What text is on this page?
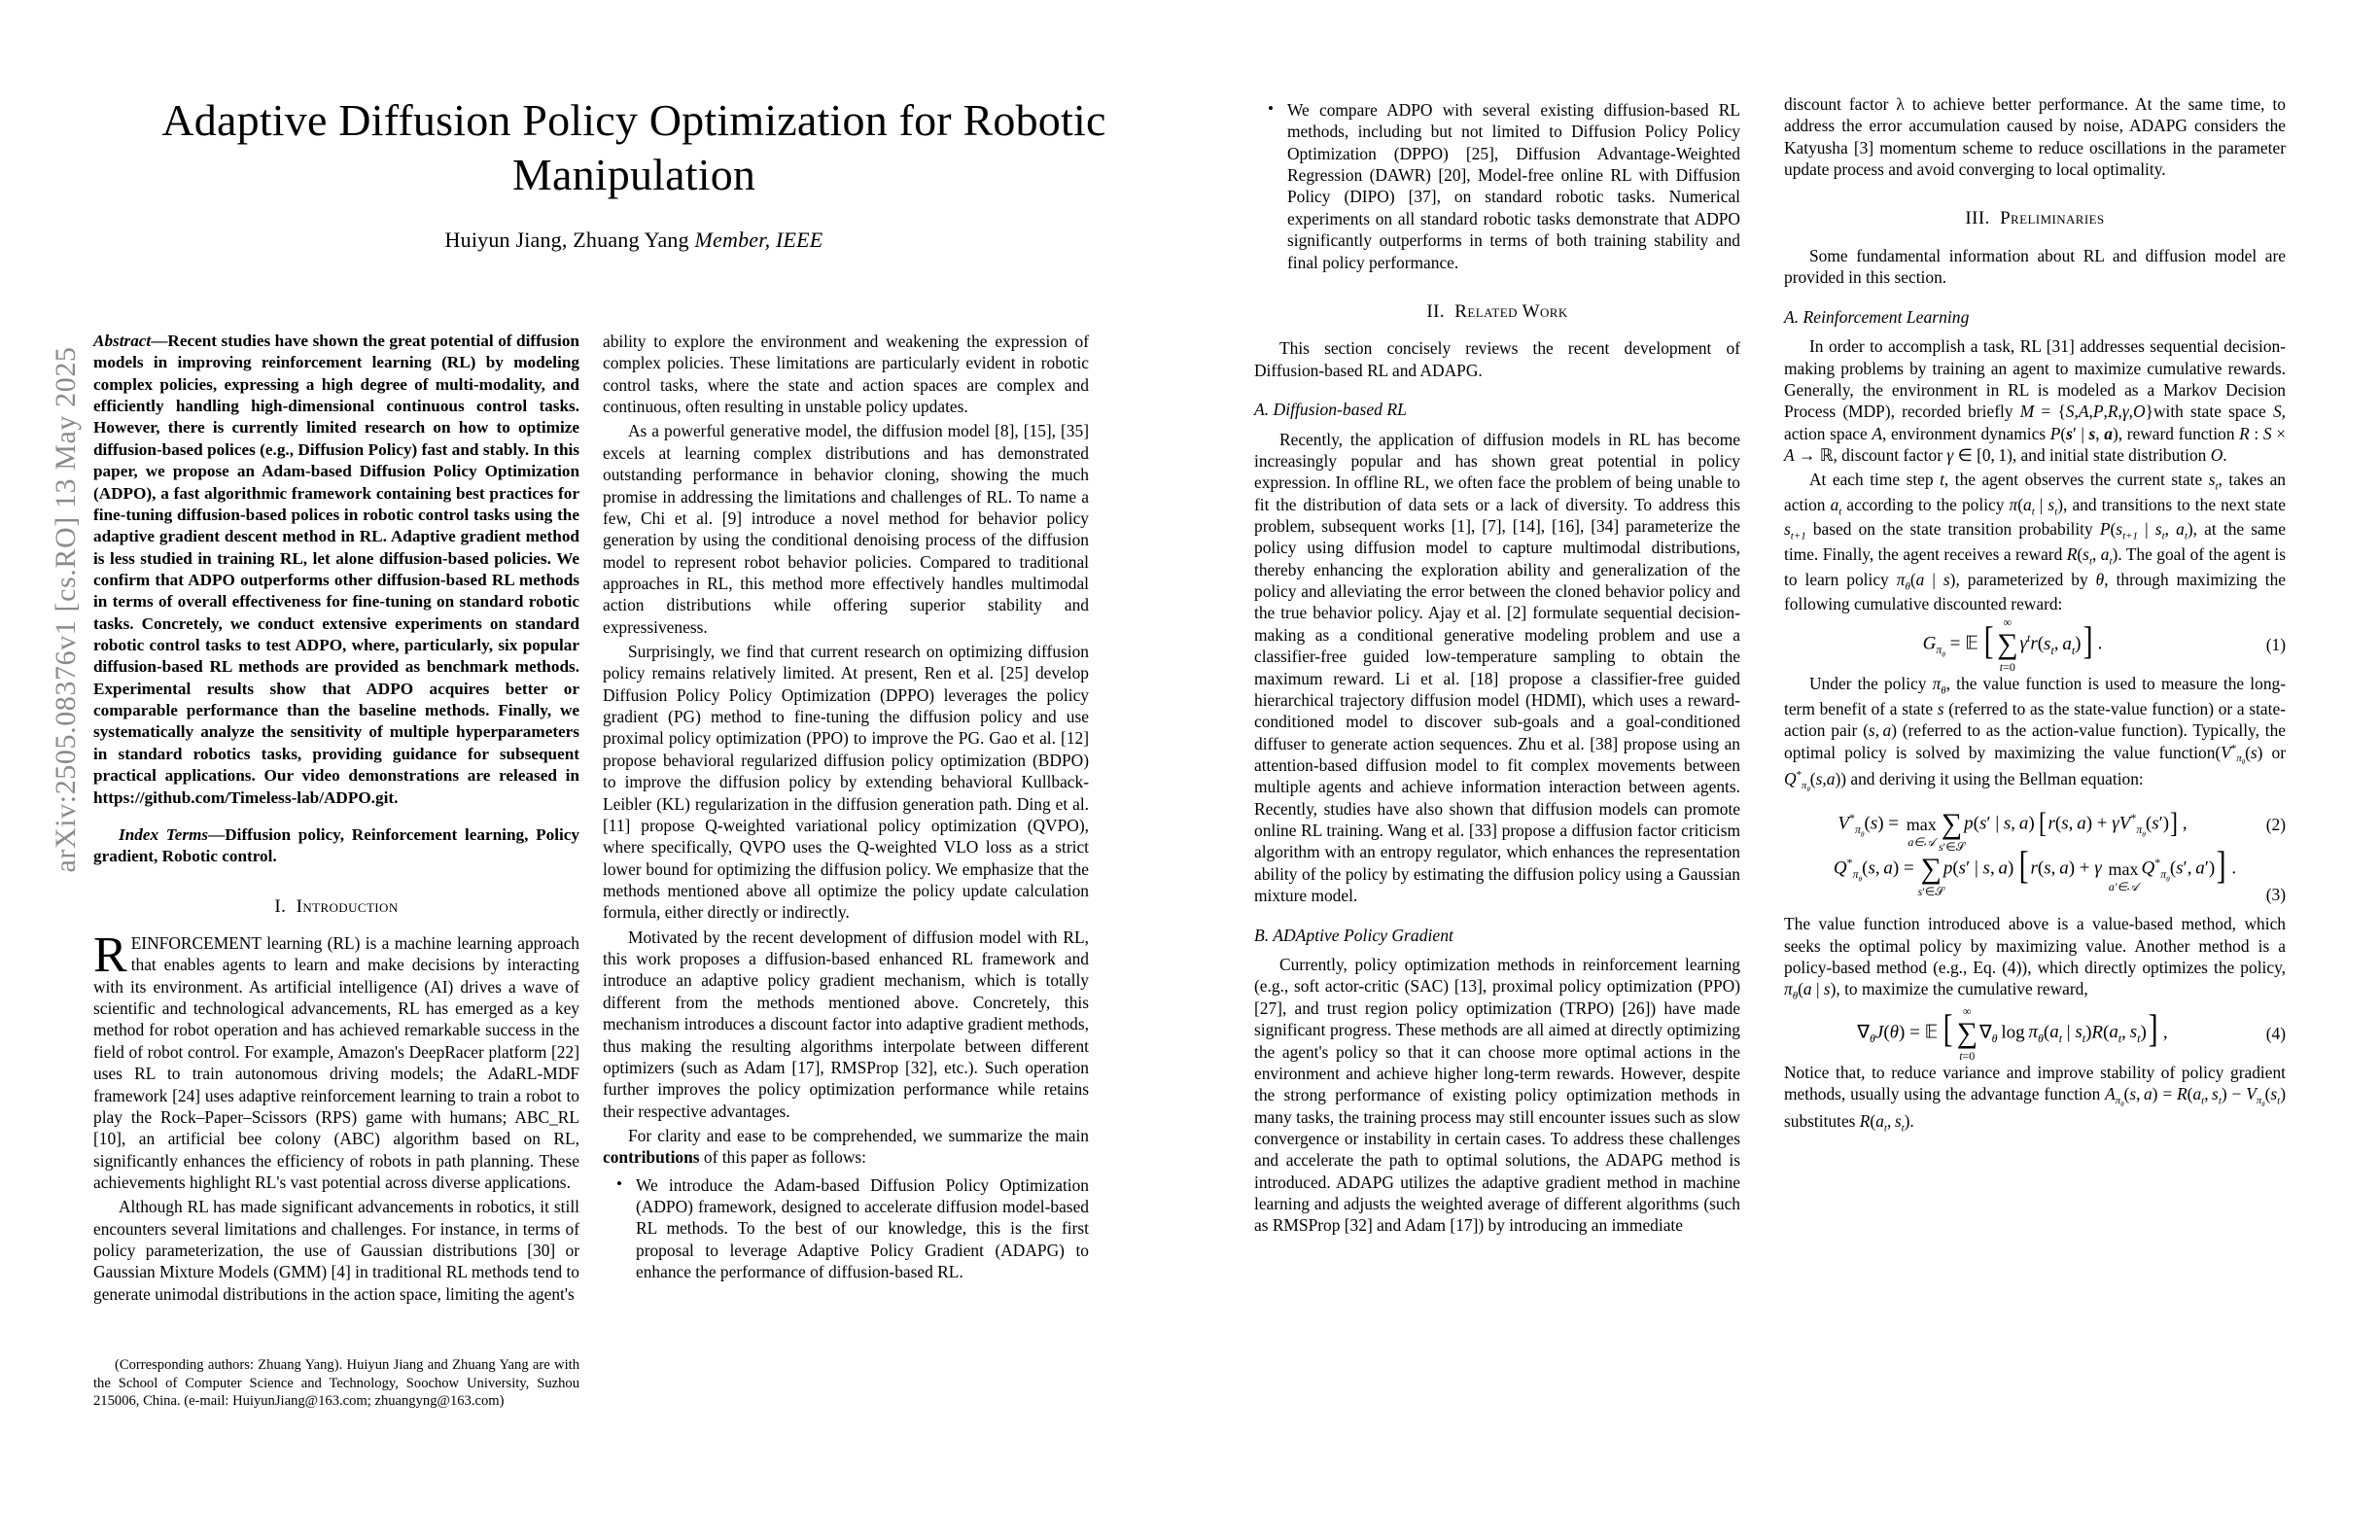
arXiv:2505.08376v1 [cs.RO] 13 May 2025
Adaptive Diffusion Policy Optimization for Robotic Manipulation
Huiyun Jiang, Zhuang Yang Member, IEEE
Abstract—Recent studies have shown the great potential of diffusion models in improving reinforcement learning (RL) by modeling complex policies, expressing a high degree of multi-modality, and efficiently handling high-dimensional continuous control tasks. However, there is currently limited research on how to optimize diffusion-based polices (e.g., Diffusion Policy) fast and stably. In this paper, we propose an Adam-based Diffusion Policy Optimization (ADPO), a fast algorithmic framework containing best practices for fine-tuning diffusion-based polices in robotic control tasks using the adaptive gradient descent method in RL. Adaptive gradient method is less studied in training RL, let alone diffusion-based policies. We confirm that ADPO outperforms other diffusion-based RL methods in terms of overall effectiveness for fine-tuning on standard robotic tasks. Concretely, we conduct extensive experiments on standard robotic control tasks to test ADPO, where, particularly, six popular diffusion-based RL methods are provided as benchmark methods. Experimental results show that ADPO acquires better or comparable performance than the baseline methods. Finally, we systematically analyze the sensitivity of multiple hyperparameters in standard robotics tasks, providing guidance for subsequent practical applications. Our video demonstrations are released in https://github.com/Timeless-lab/ADPO.git.
Index Terms—Diffusion policy, Reinforcement learning, Policy gradient, Robotic control.
I. Introduction

REINFORCEMENT learning (RL) is a machine learning approach that enables agents to learn and make decisions by interacting with its environment. As artificial intelligence (AI) drives a wave of scientific and technological advancements, RL has emerged as a key method for robot operation and has achieved remarkable success in the field of robot control. For example, Amazon's DeepRacer platform [22] uses RL to train autonomous driving models; the AdaRL-MDF framework [24] uses adaptive reinforcement learning to train a robot to play the Rock–Paper–Scissors (RPS) game with humans; ABC_RL [10], an artificial bee colony (ABC) algorithm based on RL, significantly enhances the efficiency of robots in path planning. These achievements highlight RL's vast potential across diverse applications.

Although RL has made significant advancements in robotics, it still encounters several limitations and challenges. For instance, in terms of policy parameterization, the use of Gaussian distributions [30] or Gaussian Mixture Models (GMM) [4] in traditional RL methods tend to generate unimodal distributions in the action space, limiting the agent's

(Corresponding authors: Zhuang Yang). Huiyun Jiang and Zhuang Yang are with the School of Computer Science and Technology, Soochow University, Suzhou 215006, China. (e-mail: HuiyunJiang@163.com; zhuangyng@163.com)

ability to explore the environment and weakening the expression of complex policies. These limitations are particularly evident in robotic control tasks, where the state and action spaces are complex and continuous, often resulting in unstable policy updates.

As a powerful generative model, the diffusion model [8], [15], [35] excels at learning complex distributions and has demonstrated outstanding performance in behavior cloning, showing the much promise in addressing the limitations and challenges of RL. To name a few, Chi et al. [9] introduce a novel method for behavior policy generation by using the conditional denoising process of the diffusion model to represent robot behavior policies. Compared to traditional approaches in RL, this method more effectively handles multimodal action distributions while offering superior stability and expressiveness.

Surprisingly, we find that current research on optimizing diffusion policy remains relatively limited. At present, Ren et al. [25] develop Diffusion Policy Policy Optimization (DPPO) leverages the policy gradient (PG) method to fine-tuning the diffusion policy and use proximal policy optimization (PPO) to improve the PG. Gao et al. [12] propose behavioral regularized diffusion policy optimization (BDPO) to improve the diffusion policy by extending behavioral Kullback-Leibler (KL) regularization in the diffusion generation path. Ding et al. [11] propose Q-weighted variational policy optimization (QVPO), where specifically, QVPO uses the Q-weighted VLO loss as a strict lower bound for optimizing the diffusion policy. We emphasize that the methods mentioned above all optimize the policy update calculation formula, either directly or indirectly.

Motivated by the recent development of diffusion model with RL, this work proposes a diffusion-based enhanced RL framework and introduce an adaptive policy gradient mechanism, which is totally different from the methods mentioned above. Concretely, this mechanism introduces a discount factor into adaptive gradient methods, thus making the resulting algorithms interpolate between different optimizers (such as Adam [17], RMSProp [32], etc.). Such operation further improves the policy optimization performance while retains their respective advantages.

For clarity and ease to be comprehended, we summarize the main contributions of this paper as follows:

• We introduce the Adam-based Diffusion Policy Optimization (ADPO) framework, designed to accelerate diffusion model-based RL methods. To the best of our knowledge, this is the first proposal to leverage Adaptive Policy Gradient (ADAPG) to enhance the performance of diffusion-based RL.
• We compare ADPO with several existing diffusion-based RL methods, including but not limited to Diffusion Policy Policy Optimization (DPPO) [25], Diffusion Advantage-Weighted Regression (DAWR) [20], Model-free online RL with Diffusion Policy (DIPO) [37], on standard robotic tasks. Numerical experiments on all standard robotic tasks demonstrate that ADPO significantly outperforms in terms of both training stability and final policy performance.
II. Related Work

This section concisely reviews the recent development of Diffusion-based RL and ADAPG.

A. Diffusion-based RL

Recently, the application of diffusion models in RL has become increasingly popular and has shown great potential in policy expression. In offline RL, we often face the problem of being unable to fit the distribution of data sets or a lack of diversity. To address this problem, subsequent works [1], [7], [14], [16], [34] parameterize the policy using diffusion model to capture multimodal distributions, thereby enhancing the exploration ability and generalization of the policy and alleviating the error between the cloned behavior policy and the true behavior policy. Ajay et al. [2] formulate sequential decision-making as a conditional generative modeling problem and use a classifier-free guided low-temperature sampling to obtain the maximum reward. Li et al. [18] propose a classifier-free guided hierarchical trajectory diffusion model (HDMI), which uses a reward-conditioned model to discover sub-goals and a goal-conditioned diffuser to generate action sequences. Zhu et al. [38] propose using an attention-based diffusion model to fit complex movements between multiple agents and achieve information interaction between agents. Recently, studies have also shown that diffusion models can promote online RL training. Wang et al. [33] propose a diffusion factor criticism algorithm with an entropy regulator, which enhances the representation ability of the policy by estimating the diffusion policy using a Gaussian mixture model.

B. ADAptive Policy Gradient

Currently, policy optimization methods in reinforcement learning (e.g., soft actor-critic (SAC) [13], proximal policy optimization (PPO) [27], and trust region policy optimization (TRPO) [26]) have made significant progress. These methods are all aimed at directly optimizing the agent's policy so that it can choose more optimal actions in the environment and achieve higher long-term rewards. However, despite the strong performance of existing policy optimization methods in many tasks, the training process may still encounter issues such as slow convergence or instability in certain cases. To address these challenges and accelerate the path to optimal solutions, the ADAPG method is introduced. ADAPG utilizes the adaptive gradient method in machine learning and adjusts the weighted average of different algorithms (such as RMSProp [32] and Adam [17]) by introducing an immediate

discount factor λ to achieve better performance. At the same time, to address the error accumulation caused by noise, ADAPG considers the Katyusha [3] momentum scheme to reduce oscillations in the parameter update process and avoid converging to local optimality.

III. Preliminaries

Some fundamental information about RL and diffusion model are provided in this section.

A. Reinforcement Learning

In order to accomplish a task, RL [31] addresses sequential decision-making problems by training an agent to maximize cumulative rewards. Generally, the environment in RL is modeled as a Markov Decision Process (MDP), recorded briefly M = {S,A,P,R,γ,O}with state space S, action space A, environment dynamics P(s′ | s, a), reward function R : S × A → ℝ, discount factor γ ∈ [0, 1), and initial state distribution O.

At each time step t, the agent observes the current state $s_t$, takes an action $a_t$ according to the policy $\pi(a_t$ | $s_t$), and transitions to the next state $s_{t+1}$ based on the state transition probability $P(s_{t+1}$ | $s_t$, $a_t$), at the same time. Finally, the agent receives a reward $R(s_t$, $a_t$). The goal of the agent is to learn policy $\pi_\theta(a$ | s), parameterized by θ, through maximizing the following cumulative discounted reward:

$G\pi_\theta$ = 𝔼 [ ∞
∑
t=0
$\gamma^tr(s_t$, $a_t$)] .	(1)

Under the policy $\pi_\theta$, the value function is used to measure the long-term benefit of a state s (referred to as the state-value function) or a state-action pair (s, a) (referred to as the action-value function). Typically, the optimal policy is solved by maximizing the value $function(V^*\pi_\theta(s)$ or $Q^*\pi_\theta(s,a)$) and deriving it using the Bellman equation:

$V^*\pi_\theta(s) = \max$
a∈𝒜
∑
s′∈𝒮
p(s′ | s, a) [r(s, $a) + \gamma V^*\pi_\theta(s')$] ,	(2)
$Q^*\pi_\theta(s$, a) = ∑
s′∈𝒮
p(s′ | s, a) [r(s, a) + γ  max
a′∈𝒜
$Q^*\pi_\theta(s'$, a′)] .
(3)

The value function introduced above is a value-based method, which seeks the optimal policy by maximizing value. Another method is a policy-based method (e.g., Eq. (4)), which directly optimizes the policy, $\pi_\theta(a$ | s), to maximize the cumulative reward,

$\nabla_\theta J(\theta)$ = 𝔼 [ ∞
∑
t=0
$\nabla_\theta$ $\log \pi_\theta(a_t$ | $s_t)R(a_t$, $s_t$)] ,	(4)

Notice that, to reduce variance and improve stability of policy gradient methods, usually using the advantage function $A\pi_\theta(s$, $a) = R(a_t$, $s_t) - V\pi_\theta(s_t)$ substitutes $R(a_t$, $s_t$).
